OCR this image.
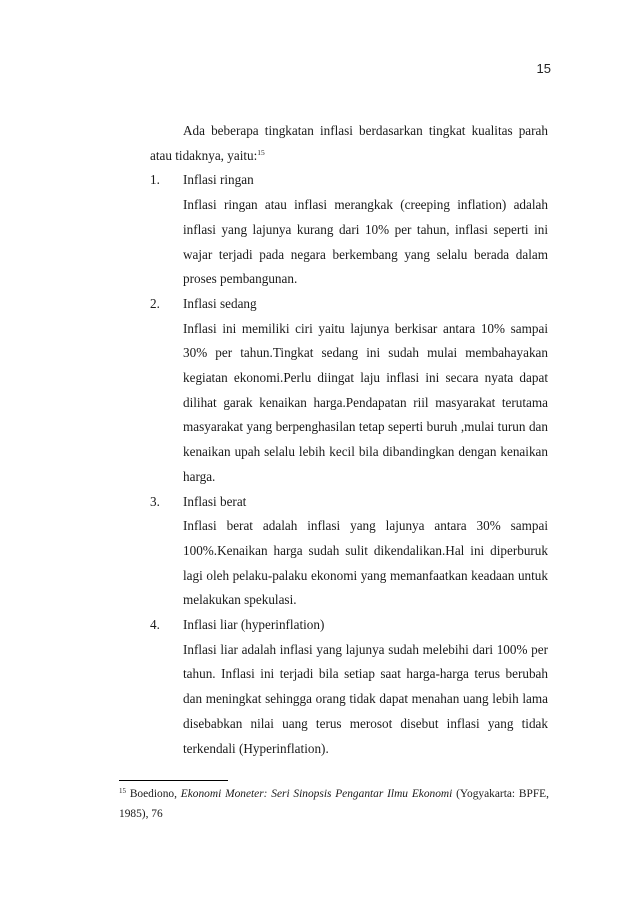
15

Ada beberapa tingkatan inflasi berdasarkan tingkat kualitas parah atau tidaknya, yaitu:$^{15}$

1. Inflasi ringan

Inflasi ringan atau inflasi merangkak (creeping inflation) adalah inflasi yang lajunya kurang dari 10% per tahun, inflasi seperti ini wajar terjadi pada negara berkembang yang selalu berada dalam proses pembangunan.

2. Inflasi sedang

Inflasi ini memiliki ciri yaitu lajunya berkisar antara 10% sampai 30% per tahun.Tingkat sedang ini sudah mulai membahayakan kegiatan ekonomi.Perlu diingat laju inflasi ini secara nyata dapat dilihat garak kenaikan harga.Pendapatan riil masyarakat terutama masyarakat yang berpenghasilan tetap seperti buruh ,mulai turun dan kenaikan upah selalu lebih kecil bila dibandingkan dengan kenaikan harga.

3. Inflasi berat

Inflasi berat adalah inflasi yang lajunya antara 30% sampai 100%.Kenaikan harga sudah sulit dikendalikan.Hal ini diperburuk lagi oleh pelaku-palaku ekonomi yang memanfaatkan keadaan untuk melakukan spekulasi.

4. Inflasi liar (hyperinflation)

Inflasi liar adalah inflasi yang lajunya sudah melebihi dari 100% per tahun. Inflasi ini terjadi bila setiap saat harga-harga terus berubah dan meningkat sehingga orang tidak dapat menahan uang lebih lama disebabkan nilai uang terus merosot disebut inflasi yang tidak terkendali (Hyperinflation).

$^{15}$ Boediono, Ekonomi Moneter: Seri Sinopsis Pengantar Ilmu Ekonomi (Yogyakarta: BPFE, 1985), 76
